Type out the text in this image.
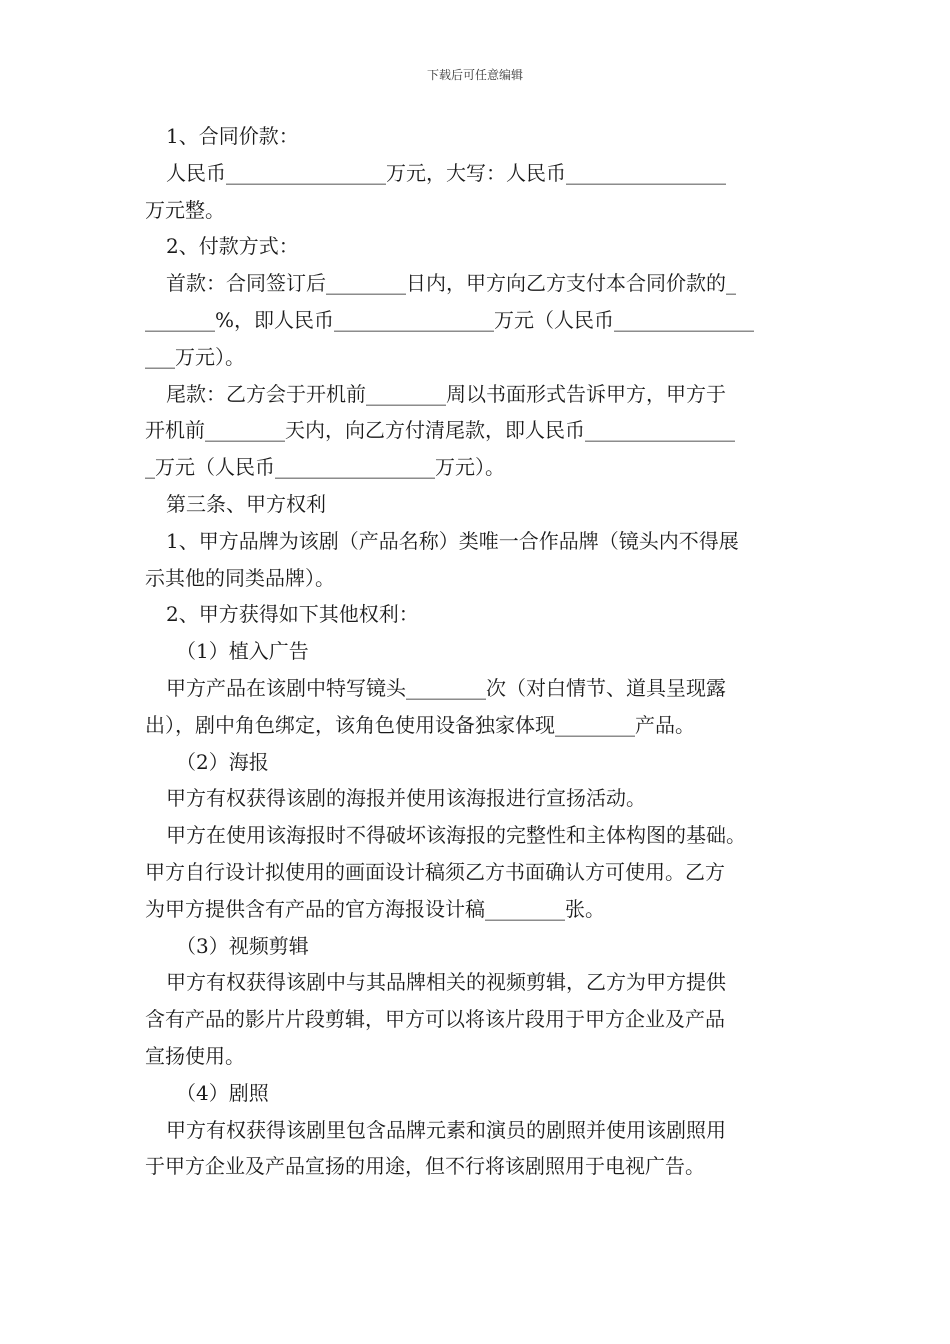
下载后可任意编辑

1、合同价款：

人民币________________万元，大写：人民币________________
万元整。

2、付款方式：

首款：合同签订后________日内，甲方向乙方支付本合同价款的_
_______%，即人民币________________万元（人民币______________
___万元）。

尾款：乙方会于开机前________周以书面形式告诉甲方，甲方于
开机前________天内，向乙方付清尾款，即人民币_______________
_万元（人民币________________万元）。

第三条、甲方权利

1、甲方品牌为该剧（产品名称）类唯一合作品牌（镜头内不得展
示其他的同类品牌）。

2、甲方获得如下其他权利：

（1）植入广告

甲方产品在该剧中特写镜头________次（对白情节、道具呈现露
出），剧中角色绑定，该角色使用设备独家体现________产品。

（2）海报

甲方有权获得该剧的海报并使用该海报进行宣扬活动。

甲方在使用该海报时不得破坏该海报的完整性和主体构图的基础。
甲方自行设计拟使用的画面设计稿须乙方书面确认方可使用。乙方
为甲方提供含有产品的官方海报设计稿________张。

（3）视频剪辑

甲方有权获得该剧中与其品牌相关的视频剪辑，乙方为甲方提供
含有产品的影片片段剪辑，甲方可以将该片段用于甲方企业及产品
宣扬使用。

（4）剧照

甲方有权获得该剧里包含品牌元素和演员的剧照并使用该剧照用
于甲方企业及产品宣扬的用途，但不行将该剧照用于电视广告。
